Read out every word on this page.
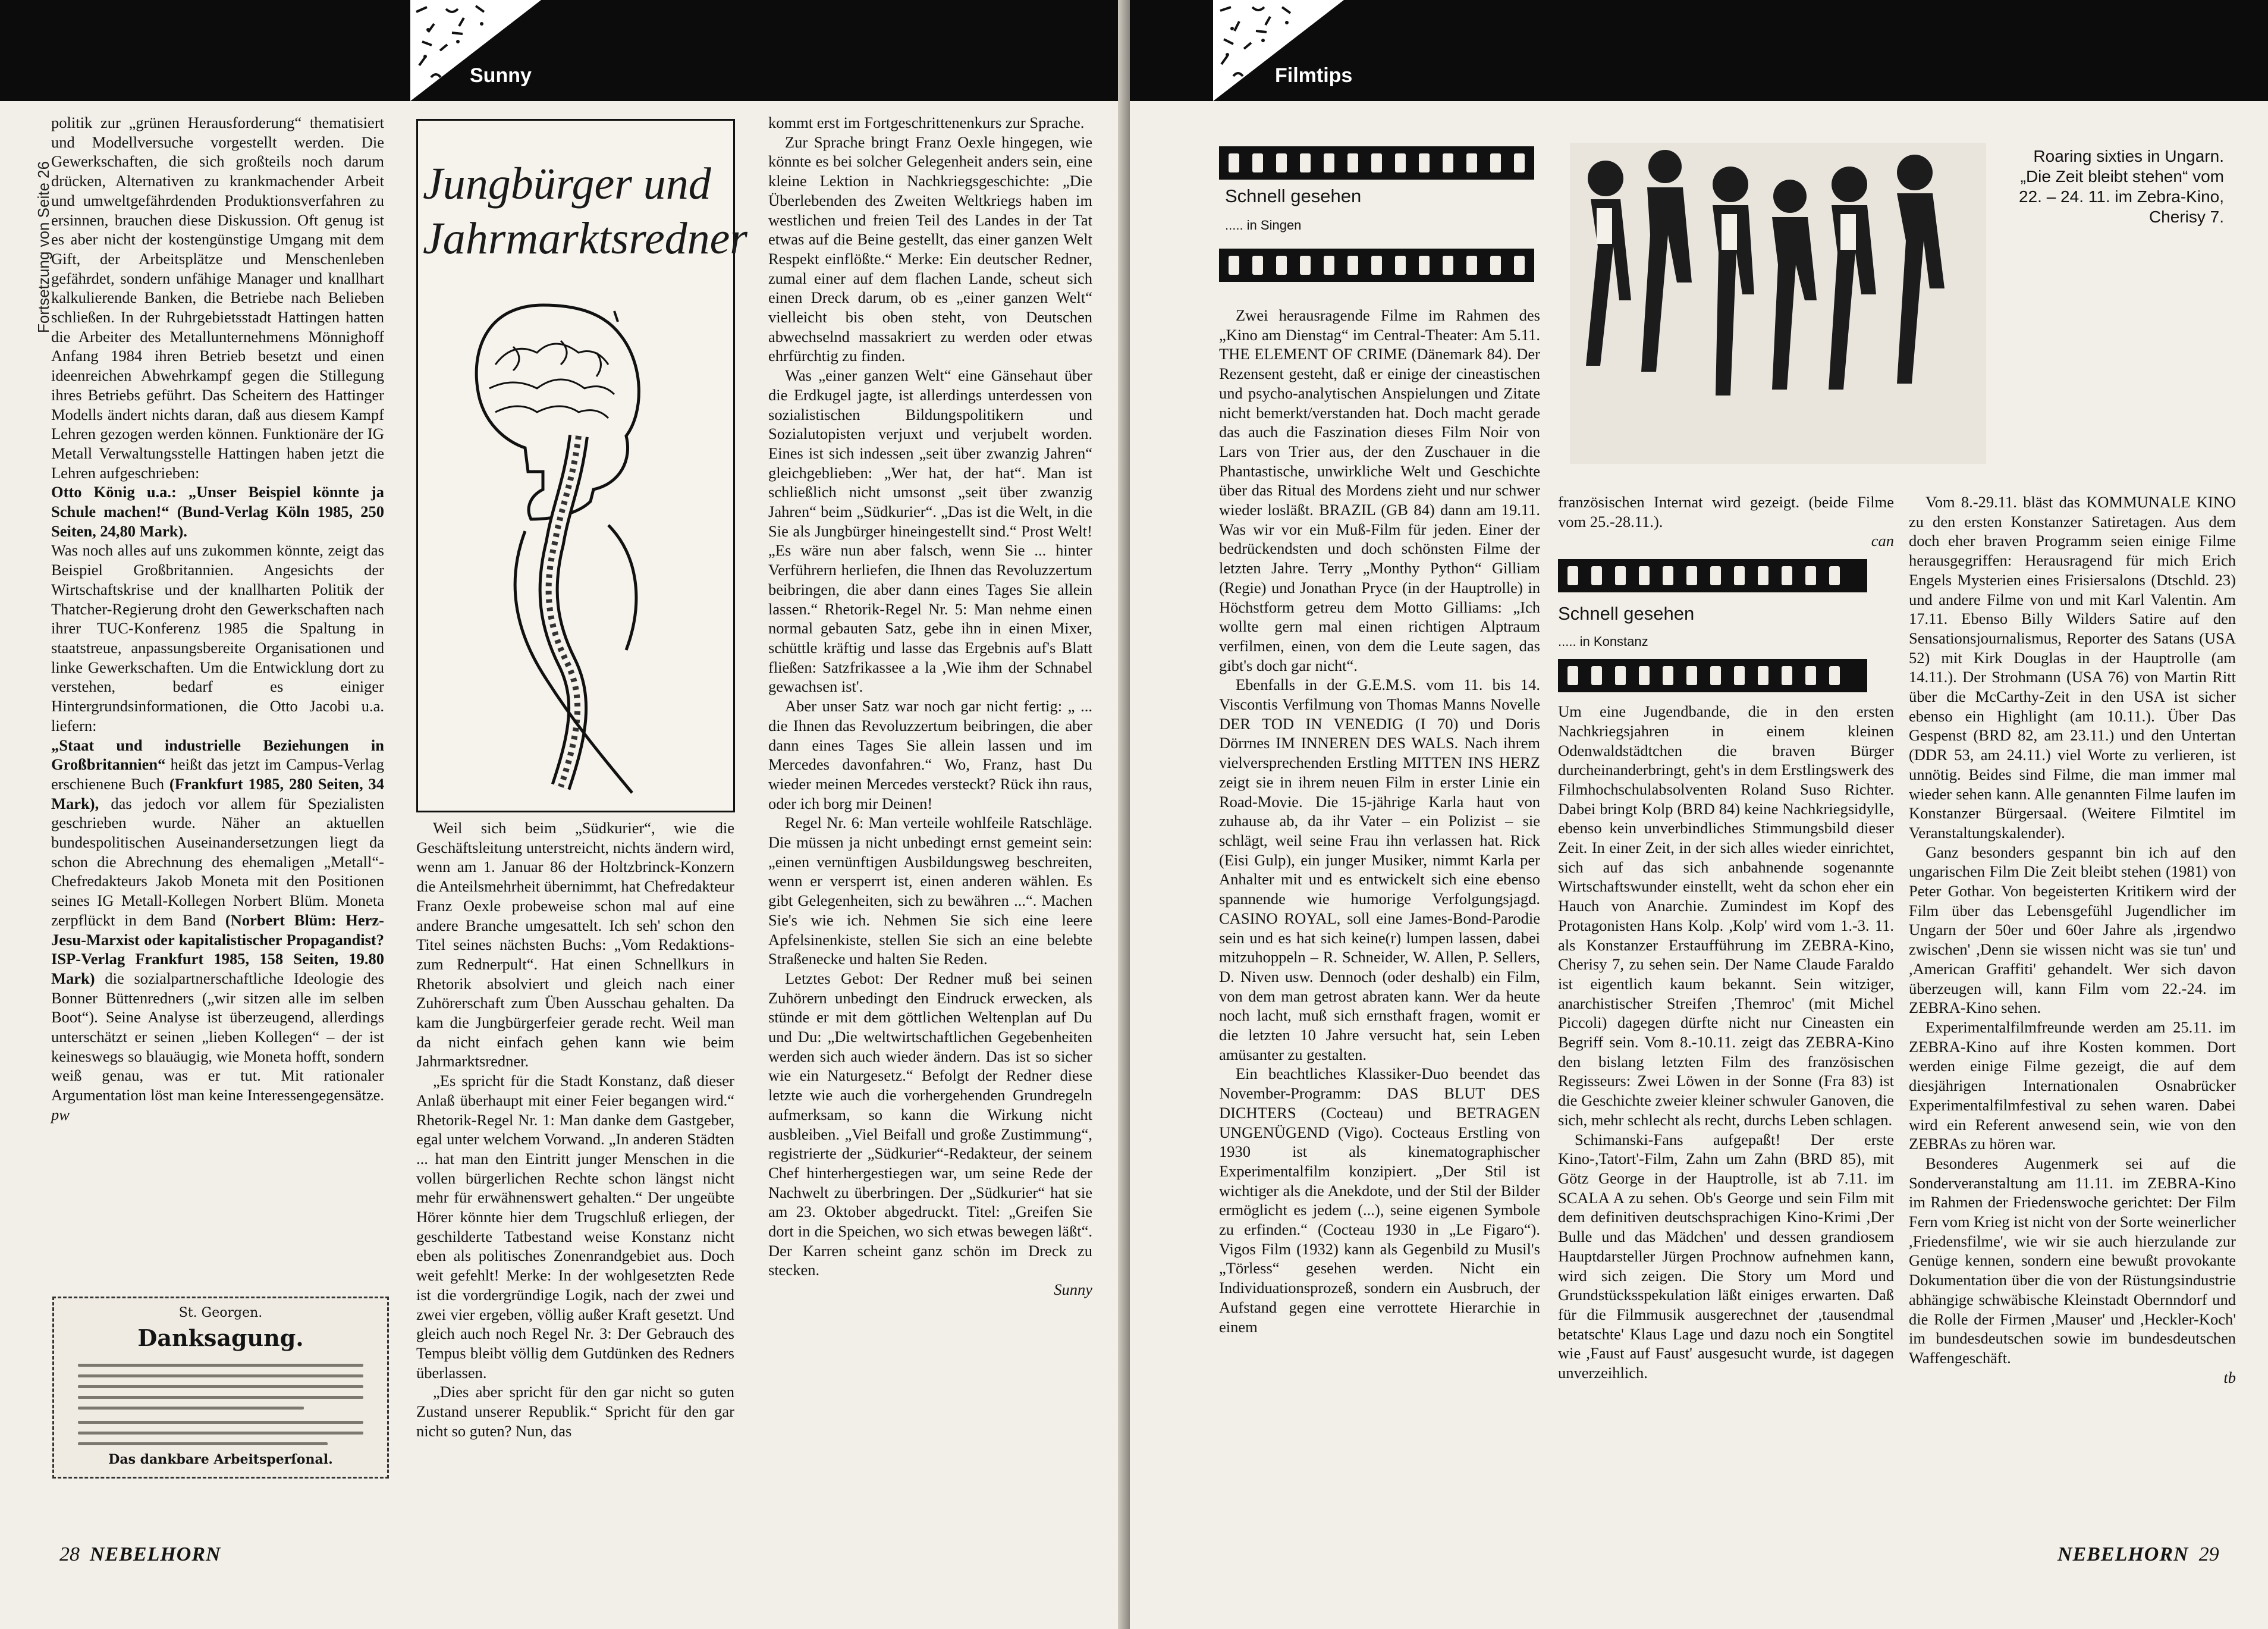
Sunny
Fortsetzung von Seite 26

politik zur „grünen Herausforderung“ thematisiert und Modellversuche vorgestellt werden. Die Gewerkschaften, die sich großteils noch darum drücken, Alternativen zu krankmachender Arbeit und umweltgefährdenden Produktionsverfahren zu ersinnen, brauchen diese Diskussion. Oft genug ist es aber nicht der kostengünstige Umgang mit dem Gift, der Arbeitsplätze und Menschenleben gefährdet, sondern unfähige Manager und knallhart kalkulierende Banken, die Betriebe nach Belieben schließen. In der Ruhrgebietsstadt Hattingen hatten die Arbeiter des Metallunternehmens Mönnighoff Anfang 1984 ihren Betrieb besetzt und einen ideenreichen Abwehrkampf gegen die Stillegung ihres Betriebs geführt. Das Scheitern des Hattinger Modells ändert nichts daran, daß aus diesem Kampf Lehren gezogen werden können. Funktionäre der IG Metall Verwaltungsstelle Hattingen haben jetzt die Lehren aufgeschrieben:

Otto König u.a.: „Unser Beispiel könnte ja Schule machen!“ (Bund-Verlag Köln 1985, 250 Seiten, 24,80 Mark).

Was noch alles auf uns zukommen könnte, zeigt das Beispiel Großbritannien. Angesichts der Wirtschaftskrise und der knallharten Politik der Thatcher-Regierung droht den Gewerkschaften nach ihrer TUC-Konferenz 1985 die Spaltung in staatstreue, anpassungsbereite Organisationen und linke Gewerkschaften. Um die Entwicklung dort zu verstehen, bedarf es einiger Hintergrundsinformationen, die Otto Jacobi u.a. liefern:

„Staat und industrielle Beziehungen in Großbritannien“ heißt das jetzt im Campus-Verlag erschienene Buch (Frankfurt 1985, 280 Seiten, 34 Mark), das jedoch vor allem für Spezialisten geschrieben wurde. Näher an aktuellen bundespolitischen Auseinandersetzungen liegt da schon die Abrechnung des ehemaligen „Metall“-Chefredakteurs Jakob Moneta mit den Positionen seines IG Metall-Kollegen Norbert Blüm. Moneta zerpflückt in dem Band (Norbert Blüm: Herz-Jesu-Marxist oder kapitalistischer Propagandist? ISP-Verlag Frankfurt 1985, 158 Seiten, 19.80 Mark) die sozialpartnerschaftliche Ideologie des Bonner Büttenredners („wir sitzen alle im selben Boot“). Seine Analyse ist überzeugend, allerdings unterschätzt er seinen „lieben Kollegen“ – der ist keineswegs so blauäugig, wie Moneta hofft, sondern weiß genau, was er tut. Mit rationaler Argumentation löst man keine Interessengegensätze. pw

St. Georgen.
Danksagung.
Das dankbare Arbeitsperſonal.
Jungbürger und Jahrmarktsredner

Weil sich beim „Südkurier“, wie die Geschäftsleitung unterstreicht, nichts ändern wird, wenn am 1. Januar 86 der Holtzbrinck-Konzern die Anteilsmehrheit übernimmt, hat Chefredakteur Franz Oexle probeweise schon mal auf eine andere Branche umgesattelt. Ich seh' schon den Titel seines nächsten Buchs: „Vom Redaktions- zum Rednerpult“. Hat einen Schnellkurs in Rhetorik absolviert und gleich nach einer Zuhörerschaft zum Üben Ausschau gehalten. Da kam die Jungbürgerfeier gerade recht. Weil man da nicht einfach gehen kann wie beim Jahrmarktsredner.

„Es spricht für die Stadt Konstanz, daß dieser Anlaß überhaupt mit einer Feier begangen wird.“ Rhetorik-Regel Nr. 1: Man danke dem Gastgeber, egal unter welchem Vorwand. „In anderen Städten ... hat man den Eintritt junger Menschen in die vollen bürgerlichen Rechte schon längst nicht mehr für erwähnenswert gehalten.“ Der ungeübte Hörer könnte hier dem Trugschluß erliegen, der geschilderte Tatbestand weise Konstanz nicht eben als politisches Zonenrandgebiet aus. Doch weit gefehlt! Merke: In der wohlgesetzten Rede ist die vordergründige Logik, nach der zwei und zwei vier ergeben, völlig außer Kraft gesetzt. Und gleich auch noch Regel Nr. 3: Der Gebrauch des Tempus bleibt völlig dem Gutdünken des Redners überlassen.

„Dies aber spricht für den gar nicht so guten Zustand unserer Republik.“ Spricht für den gar nicht so guten? Nun, das

kommt erst im Fortgeschrittenenkurs zur Sprache.

Zur Sprache bringt Franz Oexle hingegen, wie könnte es bei solcher Gelegenheit anders sein, eine kleine Lektion in Nachkriegsgeschichte: „Die Überlebenden des Zweiten Weltkriegs haben im westlichen und freien Teil des Landes in der Tat etwas auf die Beine gestellt, das einer ganzen Welt Respekt einflößte.“ Merke: Ein deutscher Redner, zumal einer auf dem flachen Lande, scheut sich einen Dreck darum, ob es „einer ganzen Welt“ vielleicht bis oben steht, von Deutschen abwechselnd massakriert zu werden oder etwas ehrfürchtig zu finden.

Was „einer ganzen Welt“ eine Gänsehaut über die Erdkugel jagte, ist allerdings unterdessen von sozialistischen Bildungspolitikern und Sozialutopisten verjuxt und verjubelt worden. Eines ist sich indessen „seit über zwanzig Jahren“ gleichgeblieben: „Wer hat, der hat“. Man ist schließlich nicht umsonst „seit über zwanzig Jahren“ beim „Südkurier“. „Das ist die Welt, in die Sie als Jungbürger hineingestellt sind.“ Prost Welt! „Es wäre nun aber falsch, wenn Sie ... hinter Verführern herliefen, die Ihnen das Revoluzzertum beibringen, die aber dann eines Tages Sie allein lassen.“ Rhetorik-Regel Nr. 5: Man nehme einen normal gebauten Satz, gebe ihn in einen Mixer, schüttle kräftig und lasse das Ergebnis auf's Blatt fließen: Satzfrikassee a la ,Wie ihm der Schnabel gewachsen ist'.

Aber unser Satz war noch gar nicht fertig: „ ... die Ihnen das Revoluzzertum beibringen, die aber dann eines Tages Sie allein lassen und im Mercedes davonfahren.“ Wo, Franz, hast Du wieder meinen Mercedes versteckt? Rück ihn raus, oder ich borg mir Deinen!

Regel Nr. 6: Man verteile wohlfeile Ratschläge. Die müssen ja nicht unbedingt ernst gemeint sein: „einen vernünftigen Ausbildungsweg beschreiten, wenn er versperrt ist, einen anderen wählen. Es gibt Gelegenheiten, sich zu bewähren ...“. Machen Sie's wie ich. Nehmen Sie sich eine leere Apfelsinenkiste, stellen Sie sich an eine belebte Straßenecke und halten Sie Reden.

Letztes Gebot: Der Redner muß bei seinen Zuhörern unbedingt den Eindruck erwecken, als stünde er mit dem göttlichen Weltenplan auf Du und Du: „Die weltwirtschaftlichen Gegebenheiten werden sich auch wieder ändern. Das ist so sicher wie ein Naturgesetz.“ Befolgt der Redner diese letzte wie auch die vorhergehenden Grundregeln aufmerksam, so kann die Wirkung nicht ausbleiben. „Viel Beifall und große Zustimmung“, registrierte der „Südkurier“-Redakteur, der seinem Chef hinterhergestiegen war, um seine Rede der Nachwelt zu überbringen. Der „Südkurier“ hat sie am 23. Oktober abgedruckt. Titel: „Greifen Sie dort in die Speichen, wo sich etwas bewegen läßt“. Der Karren scheint ganz schön im Dreck zu stecken.

Sunny

28 NEBELHORN
Filmtips
Schnell gesehen
..... in Singen
Roaring sixties in Ungarn. „Die Zeit bleibt stehen“ vom 22. – 24. 11. im Zebra-Kino, Cherisy 7.

Zwei herausragende Filme im Rahmen des „Kino am Dienstag“ im Central-Theater: Am 5.11. THE ELEMENT OF CRIME (Dänemark 84). Der Rezensent gesteht, daß er einige der cineastischen und psycho-analytischen Anspielungen und Zitate nicht bemerkt/verstanden hat. Doch macht gerade das auch die Faszination dieses Film Noir von Lars von Trier aus, der den Zuschauer in die Phantastische, unwirkliche Welt und Geschichte über das Ritual des Mordens zieht und nur schwer wieder losläßt. BRAZIL (GB 84) dann am 19.11. Was wir vor ein Muß-Film für jeden. Einer der bedrückendsten und doch schönsten Filme der letzten Jahre. Terry „Monthy Python“ Gilliam (Regie) und Jonathan Pryce (in der Hauptrolle) in Höchstform getreu dem Motto Gilliams: „Ich wollte gern mal einen richtigen Alptraum verfilmen, einen, von dem die Leute sagen, das gibt's doch gar nicht“.

Ebenfalls in der G.E.M.S. vom 11. bis 14. Viscontis Verfilmung von Thomas Manns Novelle DER TOD IN VENEDIG (I 70) und Doris Dörrnes IM INNEREN DES WALS. Nach ihrem vielversprechenden Erstling MITTEN INS HERZ zeigt sie in ihrem neuen Film in erster Linie ein Road-Movie. Die 15-jährige Karla haut von zuhause ab, da ihr Vater – ein Polizist – sie schlägt, weil seine Frau ihn verlassen hat. Rick (Eisi Gulp), ein junger Musiker, nimmt Karla per Anhalter mit und es entwickelt sich eine ebenso spannende wie humorige Verfolgungsjagd. CASINO ROYAL, soll eine James-Bond-Parodie sein und es hat sich keine(r) lumpen lassen, dabei mitzuhoppeln – R. Schneider, W. Allen, P. Sellers, D. Niven usw. Dennoch (oder deshalb) ein Film, von dem man getrost abraten kann. Wer da heute noch lacht, muß sich ernsthaft fragen, womit er die letzten 10 Jahre versucht hat, sein Leben amüsanter zu gestalten.

Ein beachtliches Klassiker-Duo beendet das November-Programm: DAS BLUT DES DICHTERS (Cocteau) und BETRAGEN UNGENÜGEND (Vigo). Cocteaus Erstling von 1930 ist als kinematographischer Experimentalfilm konzipiert. „Der Stil ist wichtiger als die Anekdote, und der Stil der Bilder ermöglicht es jedem (...), seine eigenen Symbole zu erfinden.“ (Cocteau 1930 in „Le Figaro“). Vigos Film (1932) kann als Gegenbild zu Musil's „Törless“ gesehen werden. Nicht ein Individuationsprozeß, sondern ein Ausbruch, der Aufstand gegen eine verrottete Hierarchie in einem

französischen Internat wird gezeigt. (beide Filme vom 25.-28.11.).

can

Schnell gesehen
..... in Konstanz

Um eine Jugendbande, die in den ersten Nachkriegsjahren in einem kleinen Odenwaldstädtchen die braven Bürger durcheinanderbringt, geht's in dem Erstlingswerk des Filmhochschulabsolventen Roland Suso Richter. Dabei bringt Kolp (BRD 84) keine Nachkriegsidylle, ebenso kein unverbindliches Stimmungsbild dieser Zeit. In einer Zeit, in der sich alles wieder einrichtet, sich auf das sich anbahnende sogenannte Wirtschaftswunder einstellt, weht da schon eher ein Hauch von Anarchie. Zumindest im Kopf des Protagonisten Hans Kolp. ,Kolp' wird vom 1.-3. 11. als Konstanzer Erstaufführung im ZEBRA-Kino, Cherisy 7, zu sehen sein. Der Name Claude Faraldo ist eigentlich kaum bekannt. Sein witziger, anarchistischer Streifen ,Themroc' (mit Michel Piccoli) dagegen dürfte nicht nur Cineasten ein Begriff sein. Vom 8.-10.11. zeigt das ZEBRA-Kino den bislang letzten Film des französischen Regisseurs: Zwei Löwen in der Sonne (Fra 83) ist die Geschichte zweier kleiner schwuler Ganoven, die sich, mehr schlecht als recht, durchs Leben schlagen.

Schimanski-Fans aufgepaßt! Der erste Kino-,Tatort'-Film, Zahn um Zahn (BRD 85), mit Götz George in der Hauptrolle, ist ab 7.11. im SCALA A zu sehen. Ob's George und sein Film mit dem definitiven deutschsprachigen Kino-Krimi ,Der Bulle und das Mädchen' und dessen grandiosem Hauptdarsteller Jürgen Prochnow aufnehmen kann, wird sich zeigen. Die Story um Mord und Grundstücksspekulation läßt einiges erwarten. Daß für die Filmmusik ausgerechnet der ,tausendmal betatschte' Klaus Lage und dazu noch ein Songtitel wie ,Faust auf Faust' ausgesucht wurde, ist dagegen unverzeihlich.

Vom 8.-29.11. bläst das KOMMUNALE KINO zu den ersten Konstanzer Satiretagen. Aus dem doch eher braven Programm seien einige Filme herausgegriffen: Herausragend für mich Erich Engels Mysterien eines Frisiersalons (Dtschld. 23) und andere Filme von und mit Karl Valentin. Am 17.11. Ebenso Billy Wilders Satire auf den Sensationsjournalismus, Reporter des Satans (USA 52) mit Kirk Douglas in der Hauptrolle (am 14.11.). Der Strohmann (USA 76) von Martin Ritt über die McCarthy-Zeit in den USA ist sicher ebenso ein Highlight (am 10.11.). Über Das Gespenst (BRD 82, am 23.11.) und den Untertan (DDR 53, am 24.11.) viel Worte zu verlieren, ist unnötig. Beides sind Filme, die man immer mal wieder sehen kann. Alle genannten Filme laufen im Konstanzer Bürgersaal. (Weitere Filmtitel im Veranstaltungskalender).

Ganz besonders gespannt bin ich auf den ungarischen Film Die Zeit bleibt stehen (1981) von Peter Gothar. Von begeisterten Kritikern wird der Film über das Lebensgefühl Jugendlicher im Ungarn der 50er und 60er Jahre als ,irgendwo zwischen' ,Denn sie wissen nicht was sie tun' und ,American Graffiti' gehandelt. Wer sich davon überzeugen will, kann Film vom 22.-24. im ZEBRA-Kino sehen.

Experimentalfilmfreunde werden am 25.11. im ZEBRA-Kino auf ihre Kosten kommen. Dort werden einige Filme gezeigt, die auf dem diesjährigen Internationalen Osnabrücker Experimentalfilmfestival zu sehen waren. Dabei wird ein Referent anwesend sein, wie von den ZEBRAs zu hören war.

Besonderes Augenmerk sei auf die Sonderveranstaltung am 11.11. im ZEBRA-Kino im Rahmen der Friedenswoche gerichtet: Der Film Fern vom Krieg ist nicht von der Sorte weinerlicher ,Friedensfilme', wie wir sie auch hierzulande zur Genüge kennen, sondern eine bewußt provokante Dokumentation über die von der Rüstungsindustrie abhängige schwäbische Kleinstadt Obernndorf und die Rolle der Firmen ,Mauser' und ,Heckler-Koch' im bundesdeutschen sowie im bundesdeutschen Waffengeschäft.

tb

NEBELHORN 29
